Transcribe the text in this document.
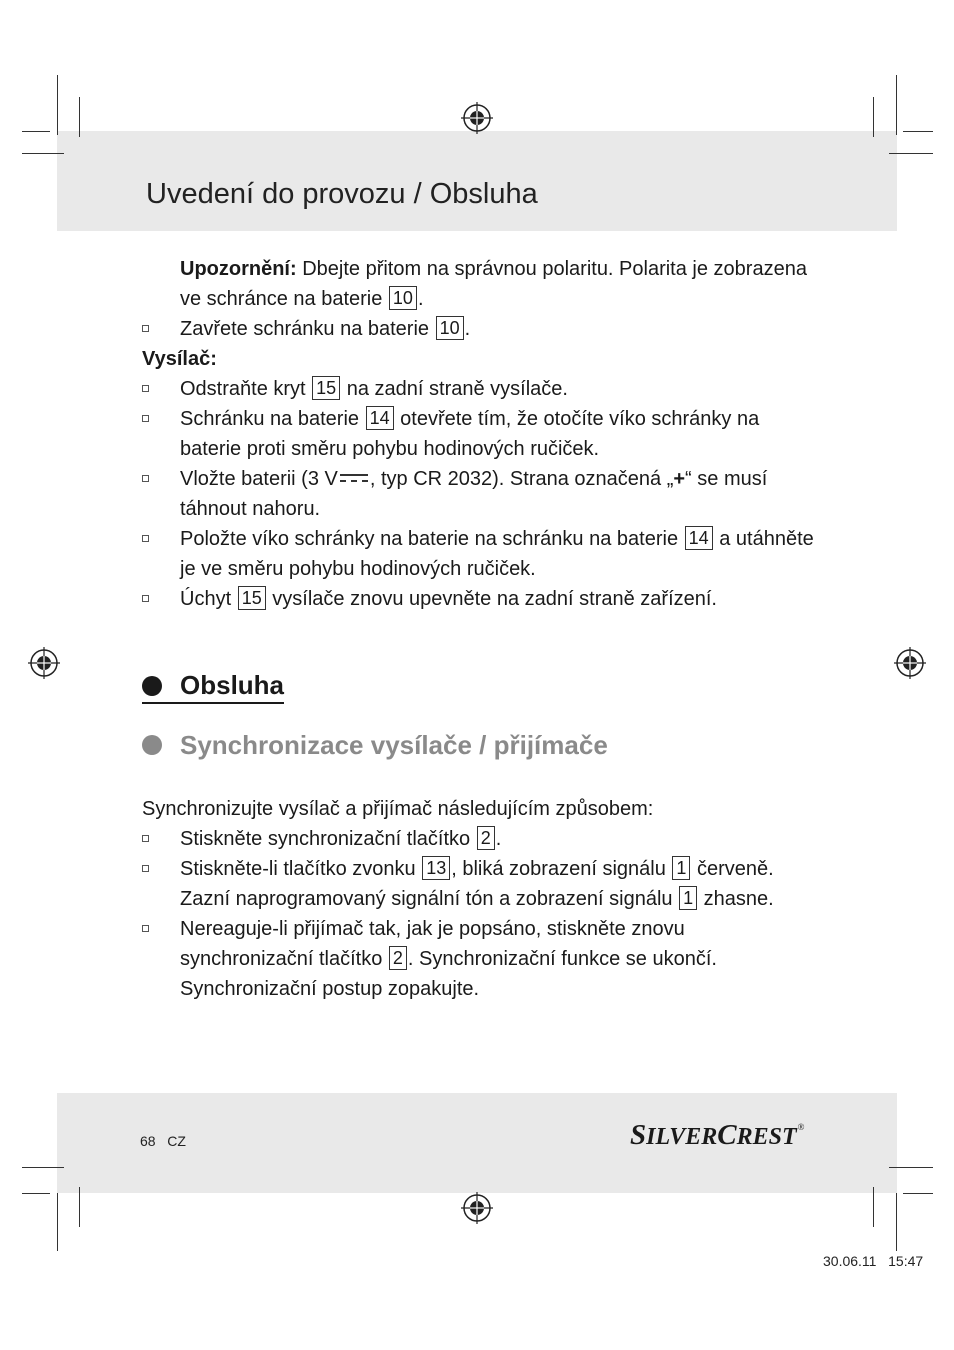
Uvedení do provozu / Obsluha

Upozornění: Dbejte přitom na správnou polaritu. Polarita je zobrazena ve schránce na baterie 10 .

Zavřete schránku na baterie 10 .

Vysílač:

Odstraňte kryt 15 na zadní straně vysílače.

Schránku na baterie 14 otevřete tím, že otočíte víko schránky na baterie proti směru pohybu hodinových ručiček.

Vložte baterii (3 V , typ CR 2032). Strana označená „+“ se musí táhnout nahoru.

Položte víko schránky na baterie na schránku na baterie 14 a utáhněte je ve směru pohybu hodinových ručiček.

Úchyt 15 vysílače znovu upevněte na zadní straně zařízení.

Obsluha
Synchronizace vysílače / přijímače

Synchronizujte vysílač a přijímač následujícím způsobem:

Stiskněte synchronizační tlačítko 2 .

Stiskněte-li tlačítko zvonku 13 , bliká zobrazení signálu 1 červeně. Zazní naprogramovaný signální tón a zobrazení signálu 1 zhasne.

Nereaguje-li přijímač tak, jak je popsáno, stiskněte znovu synchronizační tlačítko 2 . Synchronizační funkce se ukončí. Synchronizační postup zopakujte.

68 CZ	SILVERCREST®
30.06.11 15:47
